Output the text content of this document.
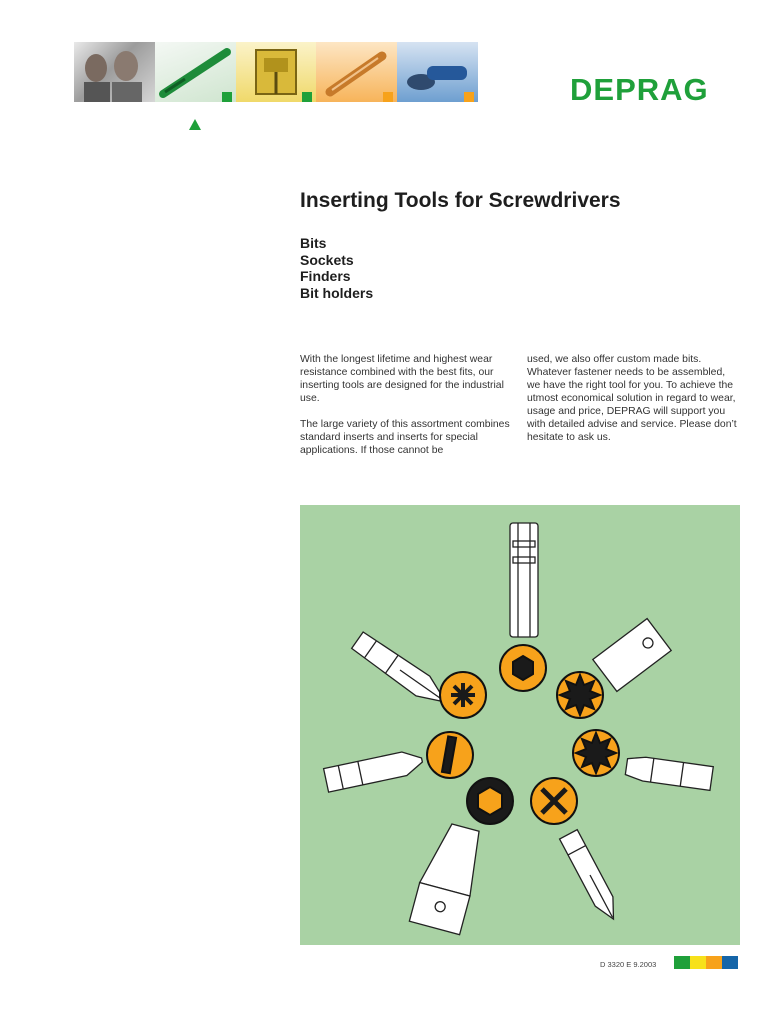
DEPRAG
Inserting Tools for Screwdrivers
Bits
Sockets
Finders
Bit holders

With the longest lifetime and highest wear resistance combined with the best fits, our inserting tools are designed for the industrial use.

The large variety of this assortment combines standard inserts and inserts for special applications. If those cannot be

used, we also offer custom made bits. Whatever fastener needs to be assembled, we have the right tool for you. To achieve the utmost economical solution in regard to wear, usage and price, DEPRAG will support you with detailed advise and service. Please don’t hesitate to ask us.

D 3320 E 9.2003
